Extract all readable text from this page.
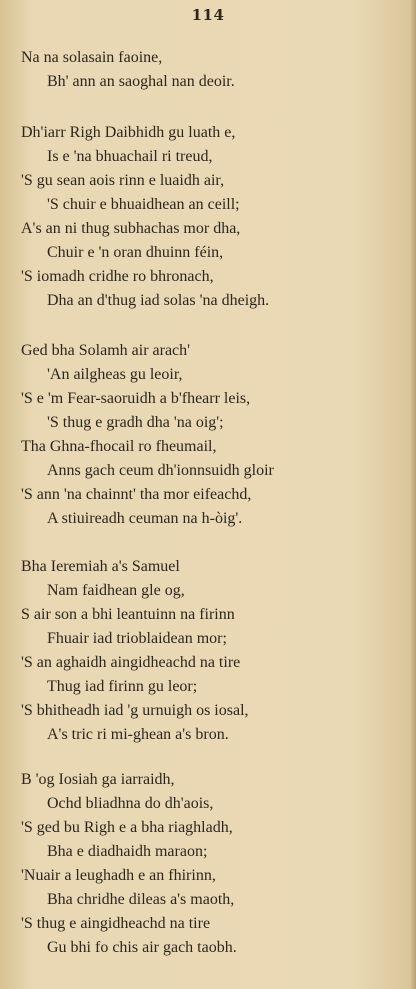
114
Na na solasain faoine,
Bh' ann an saoghal nan deoir.
Dh'iarr Righ Daibhidh gu luath e,
Is e 'na bhuachail ri treud,
'S gu sean aois rinn e luaidh air,
'S chuir e bhuaidhean an ceill;
A's an ni thug subhachas mor dha,
Chuir e 'n oran dhuinn féin,
'S iomadh cridhe ro bhronach,
Dha an d'thug iad solas 'na dheigh.
Ged bha Solamh air arach'
'An ailgheas gu leoir,
'S e 'm Fear-saoruidh a b'fhearr leis,
'S thug e gradh dha 'na oig';
Tha Ghna-fhocail ro fheumail,
Anns gach ceum dh'ionnsuidh gloir
'S ann 'na chainnt' tha mor eifeachd,
A stiuireadh ceuman na h-òig'.
Bha Ieremiah a's Samuel
Nam faidhean gle og,
S air son a bhi leantuinn na firinn
Fhuair iad trioblaidean mor;
'S an aghaidh aingidheachd na tire
Thug iad firinn gu leor;
'S bhitheadh iad 'g urnuigh os iosal,
A's tric ri mi-ghean a's bron.
B 'og Iosiah ga iarraidh,
Ochd bliadhna do dh'aois,
'S ged bu Righ e a bha riaghladh,
Bha e diadhaidh maraon;
'Nuair a leughadh e an fhirinn,
Bha chridhe dileas a's maoth,
'S thug e aingidheachd na tire
Gu bhi fo chis air gach taobh.
